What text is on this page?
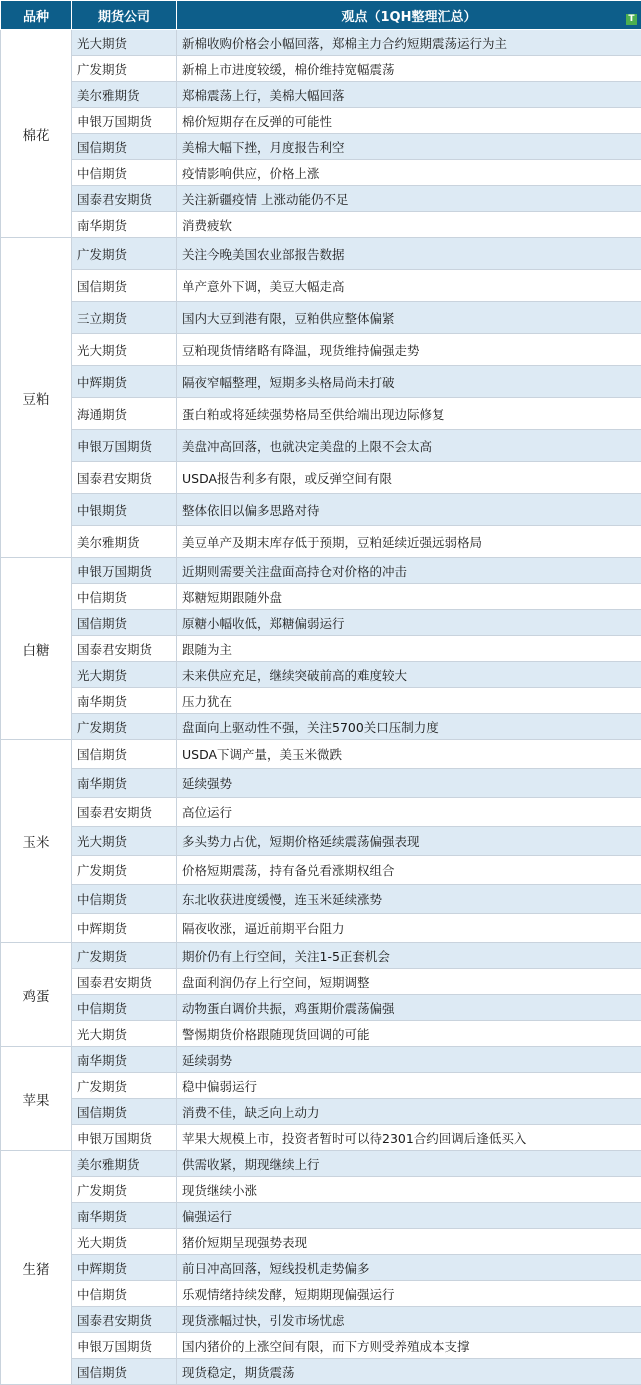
品种	期货公司	观点（1QH整理汇总） T

棉花	光大期货	新棉收购价格会小幅回落，郑棉主力合约短期震荡运行为主
	广发期货	新棉上市进度较缓，棉价维持宽幅震荡
	美尔雅期货	郑棉震荡上行，美棉大幅回落
	申银万国期货	棉价短期存在反弹的可能性
	国信期货	美棉大幅下挫，月度报告利空
	中信期货	疫情影响供应，价格上涨
	国泰君安期货	关注新疆疫情 上涨动能仍不足
	南华期货	消费疲软
豆粕	广发期货	关注今晚美国农业部报告数据
	国信期货	单产意外下调，美豆大幅走高
	三立期货	国内大豆到港有限，豆粕供应整体偏紧
	光大期货	豆粕现货情绪略有降温，现货维持偏强走势
	中辉期货	隔夜窄幅整理，短期多头格局尚未打破
	海通期货	蛋白粕或将延续强势格局至供给端出现边际修复
	申银万国期货	美盘冲高回落，也就决定美盘的上限不会太高
	国泰君安期货	USDA报告利多有限，或反弹空间有限
	中银期货	整体依旧以偏多思路对待
	美尔雅期货	美豆单产及期末库存低于预期，豆粕延续近强远弱格局
白糖	申银万国期货	近期则需要关注盘面高持仓对价格的冲击
	中信期货	郑糖短期跟随外盘
	国信期货	原糖小幅收低，郑糖偏弱运行
	国泰君安期货	跟随为主
	光大期货	未来供应充足，继续突破前高的难度较大
	南华期货	压力犹在
	广发期货	盘面向上驱动性不强，关注5700关口压制力度
玉米	国信期货	USDA下调产量，美玉米微跌
	南华期货	延续强势
	国泰君安期货	高位运行
	光大期货	多头势力占优，短期价格延续震荡偏强表现
	广发期货	价格短期震荡，持有备兑看涨期权组合
	中信期货	东北收获进度缓慢，连玉米延续涨势
	中辉期货	隔夜收涨，逼近前期平台阻力
鸡蛋	广发期货	期价仍有上行空间，关注1-5正套机会
	国泰君安期货	盘面利润仍存上行空间，短期调整
	中信期货	动物蛋白调价共振，鸡蛋期价震荡偏强
	光大期货	警惕期货价格跟随现货回调的可能
苹果	南华期货	延续弱势
	广发期货	稳中偏弱运行
	国信期货	消费不佳，缺乏向上动力
	申银万国期货	苹果大规模上市，投资者暂时可以待2301合约回调后逢低买入
生猪	美尔雅期货	供需收紧，期现继续上行
	广发期货	现货继续小涨
	南华期货	偏强运行
	光大期货	猪价短期呈现强势表现
	中辉期货	前日冲高回落，短线投机走势偏多
	中信期货	乐观情绪持续发酵，短期期现偏强运行
	国泰君安期货	现货涨幅过快，引发市场忧虑
	申银万国期货	国内猪价的上涨空间有限，而下方则受养殖成本支撑
	国信期货	现货稳定，期货震荡
